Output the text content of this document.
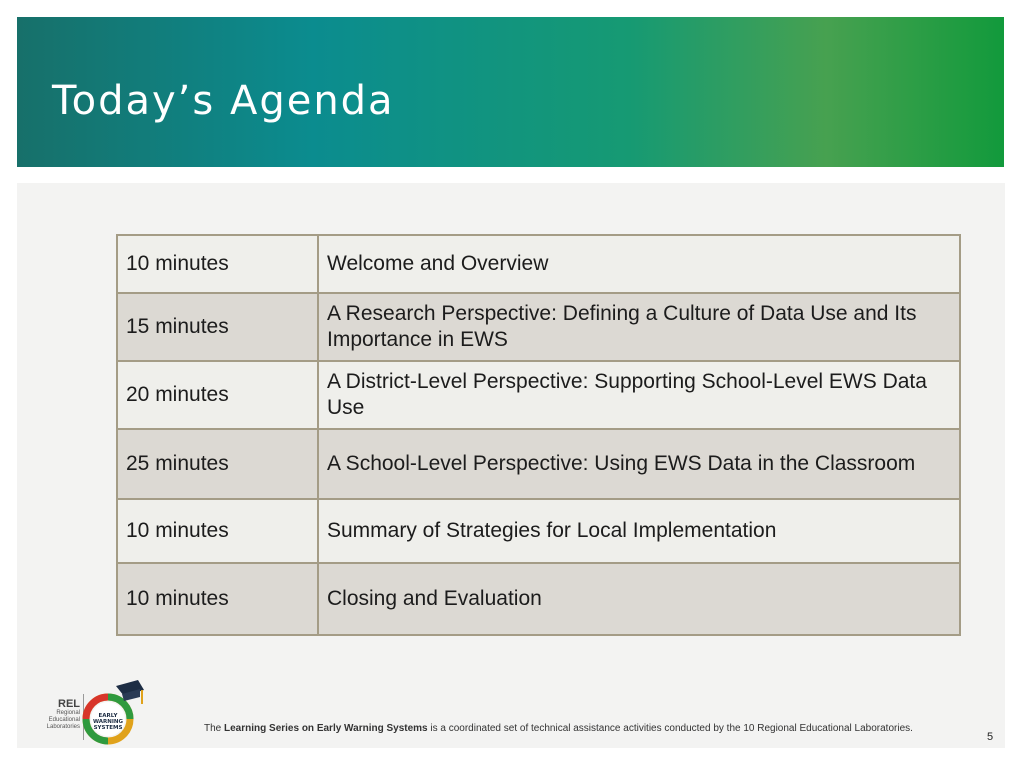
Today’s Agenda
10 minutes	Welcome and Overview
15 minutes	A Research Perspective: Defining a Culture of Data Use and Its Importance in EWS
20 minutes	A District-Level Perspective: Supporting School-Level EWS Data Use
25 minutes	A School-Level Perspective: Using EWS Data in the Classroom
10 minutes	Summary of Strategies for Local Implementation
10 minutes	Closing and Evaluation
REL
Regional
Educational
Laboratories
EARLY
WARNING
SYSTEMS	The Learning Series on Early Warning Systems is a coordinated set of technical assistance activities conducted by the 10 Regional Educational Laboratories.
5
